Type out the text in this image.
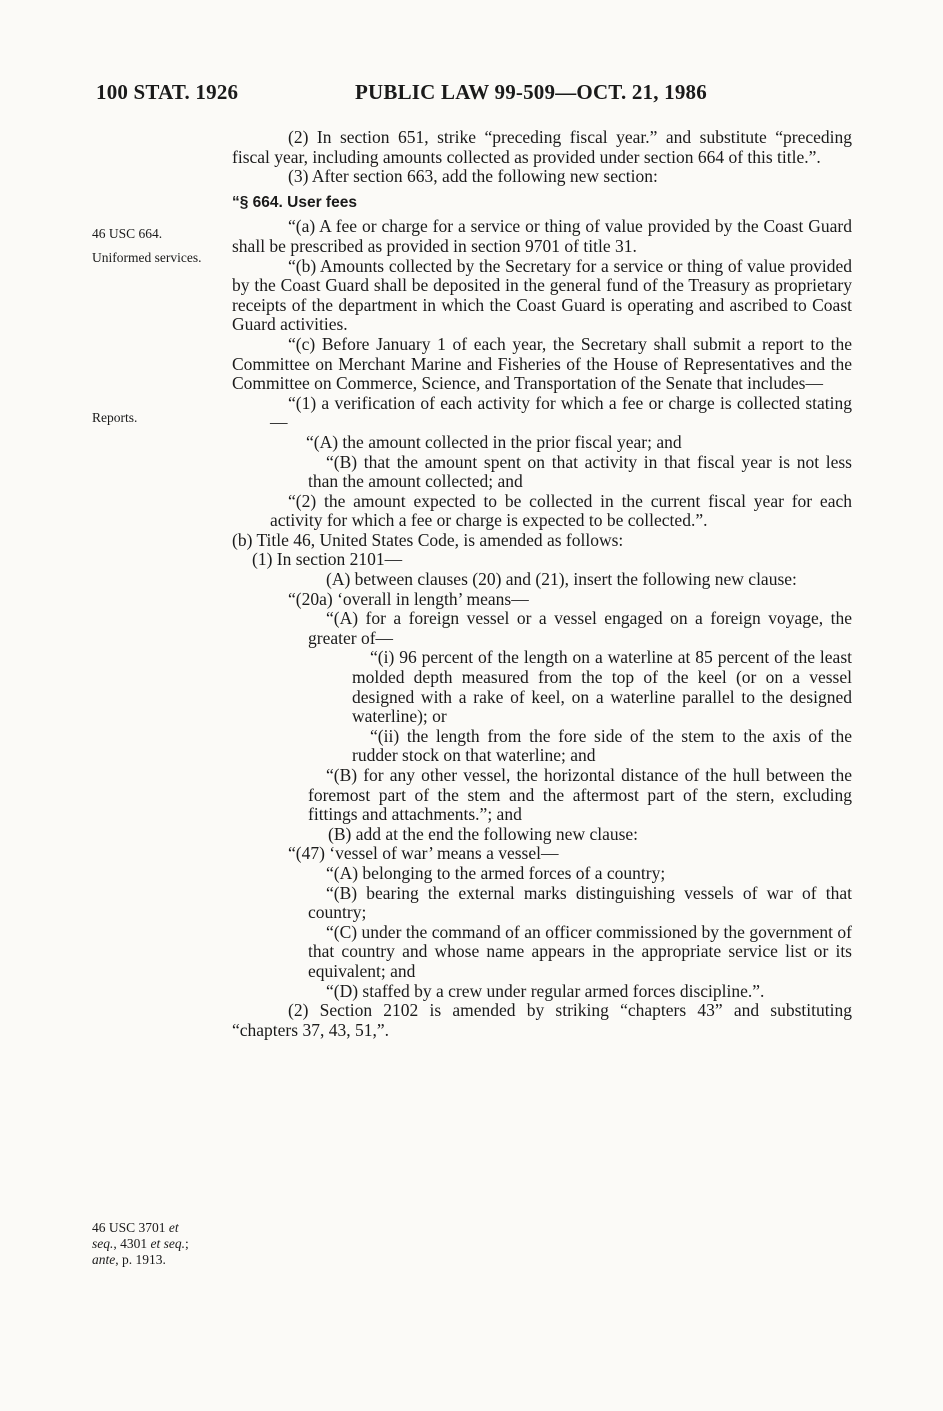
100 STAT. 1926	PUBLIC LAW 99-509—OCT. 21, 1986
46 USC 664.
Uniformed services.
Reports.
46 USC 3701 et
seq., 4301 et seq.;
ante, p. 1913.

(2) In section 651, strike “preceding fiscal year.” and substitute “preceding fiscal year, including amounts collected as provided under section 664 of this title.”.

(3) After section 663, add the following new section:

“§ 664. User fees

“(a) A fee or charge for a service or thing of value provided by the Coast Guard shall be prescribed as provided in section 9701 of title 31.

“(b) Amounts collected by the Secretary for a service or thing of value provided by the Coast Guard shall be deposited in the general fund of the Treasury as proprietary receipts of the department in which the Coast Guard is operating and ascribed to Coast Guard activities.

“(c) Before January 1 of each year, the Secretary shall submit a report to the Committee on Merchant Marine and Fisheries of the House of Representatives and the Committee on Commerce, Science, and Transportation of the Senate that includes—

“(1) a verification of each activity for which a fee or charge is collected stating—

“(A) the amount collected in the prior fiscal year; and

“(B) that the amount spent on that activity in that fiscal year is not less than the amount collected; and

“(2) the amount expected to be collected in the current fiscal year for each activity for which a fee or charge is expected to be collected.”.

(b) Title 46, United States Code, is amended as follows:

(1) In section 2101—

(A) between clauses (20) and (21), insert the following new clause:

“(20a) ‘overall in length’ means—

“(A) for a foreign vessel or a vessel engaged on a foreign voyage, the greater of—

“(i) 96 percent of the length on a waterline at 85 percent of the least molded depth measured from the top of the keel (or on a vessel designed with a rake of keel, on a waterline parallel to the designed waterline); or

“(ii) the length from the fore side of the stem to the axis of the rudder stock on that waterline; and

“(B) for any other vessel, the horizontal distance of the hull between the foremost part of the stem and the aftermost part of the stern, excluding fittings and attachments.”; and

(B) add at the end the following new clause:

“(47) ‘vessel of war’ means a vessel—

“(A) belonging to the armed forces of a country;

“(B) bearing the external marks distinguishing vessels of war of that country;

“(C) under the command of an officer commissioned by the government of that country and whose name appears in the appropriate service list or its equivalent; and

“(D) staffed by a crew under regular armed forces discipline.”.

(2) Section 2102 is amended by striking “chapters 43” and substituting “chapters 37, 43, 51,”.
